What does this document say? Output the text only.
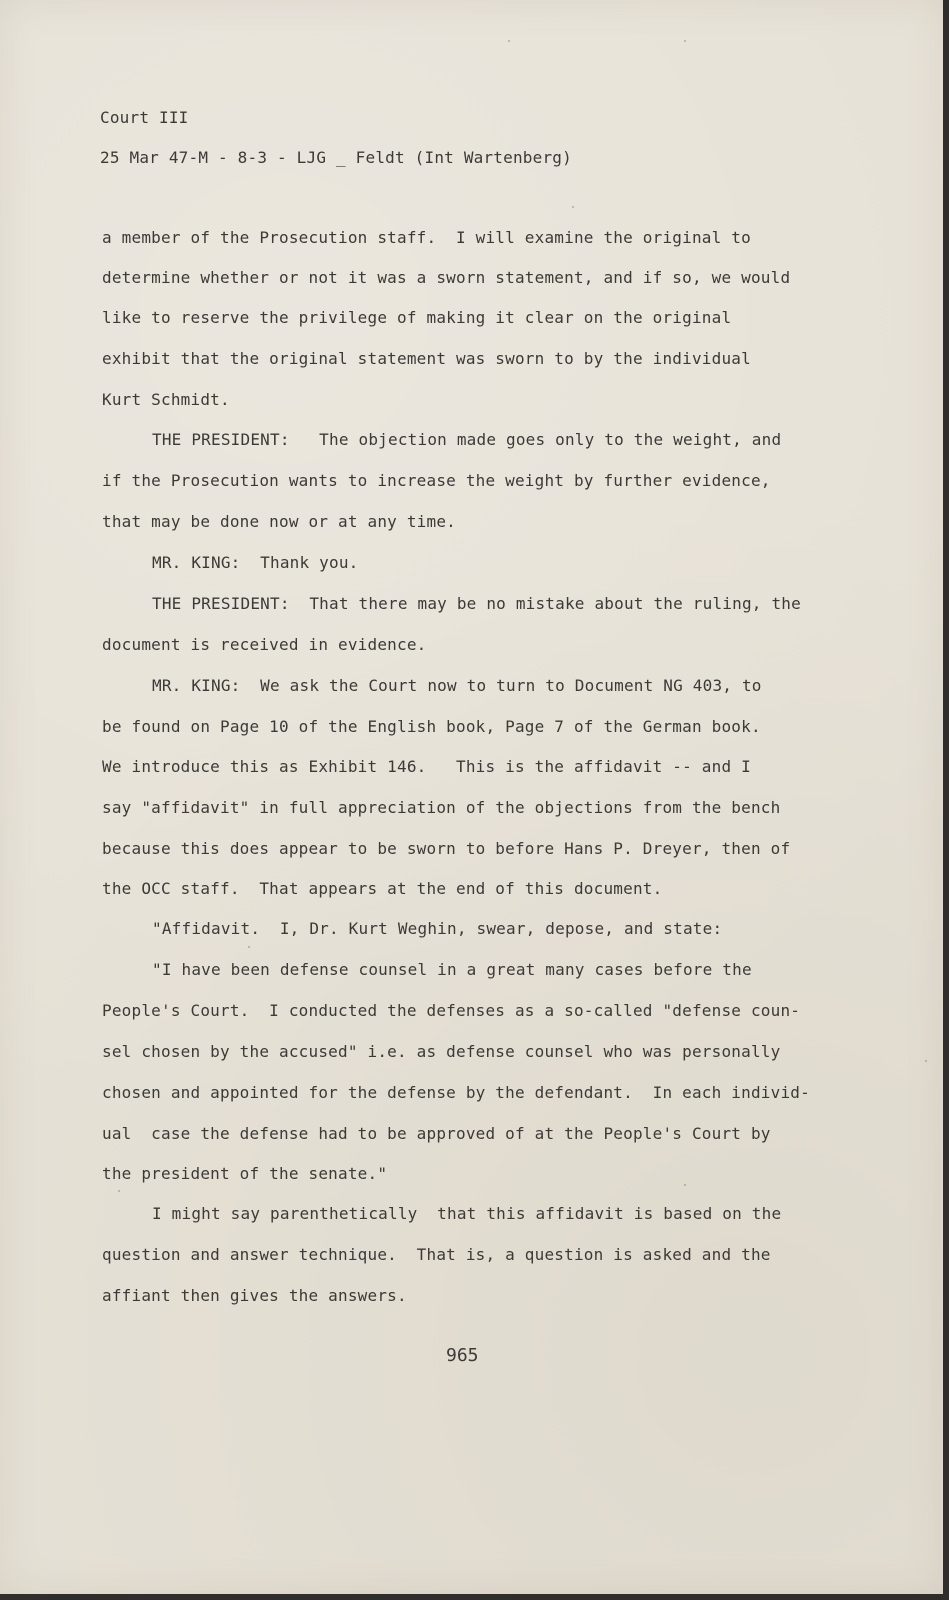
Court III
25 Mar 47-M - 8-3 - LJG _ Feldt (Int Wartenberg)
a member of the Prosecution staff.  I will examine the original to
determine whether or not it was a sworn statement, and if so, we would
like to reserve the privilege of making it clear on the original
exhibit that the original statement was sworn to by the individual
Kurt Schmidt.
THE PRESIDENT:   The objection made goes only to the weight, and
if the Prosecution wants to increase the weight by further evidence,
that may be done now or at any time.
MR. KING:  Thank you.
THE PRESIDENT:  That there may be no mistake about the ruling, the
document is received in evidence.
MR. KING:  We ask the Court now to turn to Document NG 403, to
be found on Page 10 of the English book, Page 7 of the German book.
We introduce this as Exhibit 146.   This is the affidavit -- and I
say "affidavit" in full appreciation of the objections from the bench
because this does appear to be sworn to before Hans P. Dreyer, then of
the OCC staff.  That appears at the end of this document.
"Affidavit.  I, Dr. Kurt Weghin, swear, depose, and state:
"I have been defense counsel in a great many cases before the
People's Court.  I conducted the defenses as a so-called "defense coun-
sel chosen by the accused" i.e. as defense counsel who was personally
chosen and appointed for the defense by the defendant.  In each individ-
ual  case the defense had to be approved of at the People's Court by
the president of the senate."
I might say parenthetically  that this affidavit is based on the
question and answer technique.  That is, a question is asked and the
affiant then gives the answers.
965
